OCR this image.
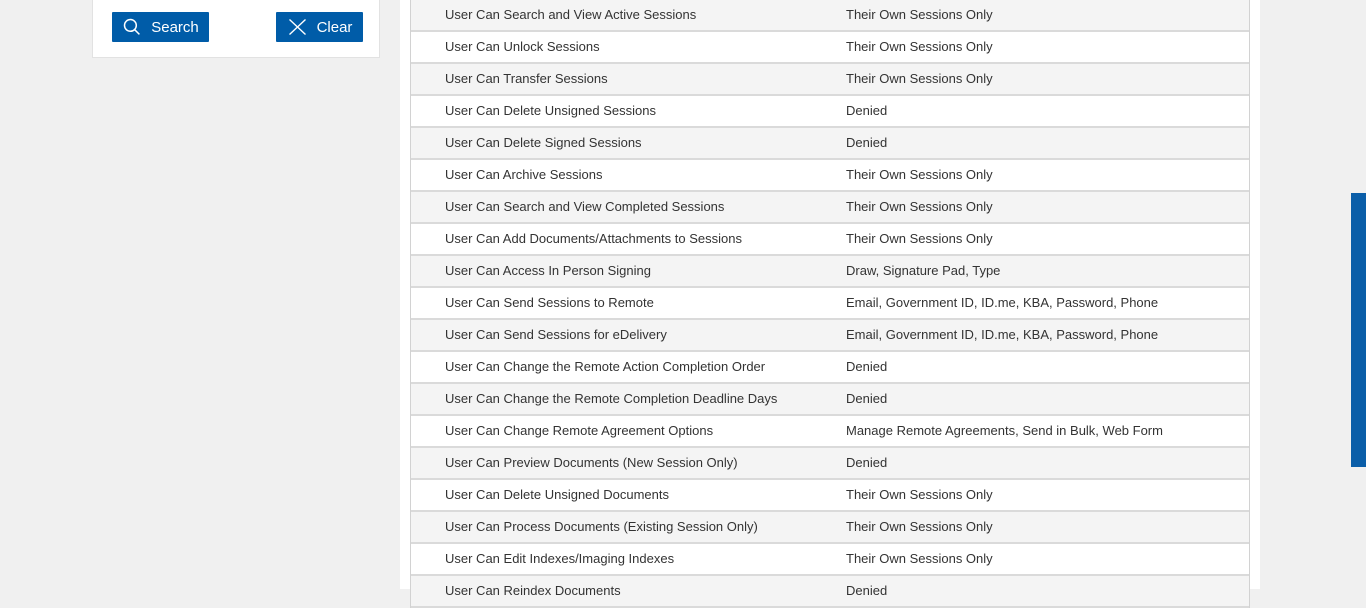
Search	Clear
User Can Search and View Active Sessions	Their Own Sessions Only
User Can Unlock Sessions	Their Own Sessions Only
User Can Transfer Sessions	Their Own Sessions Only
User Can Delete Unsigned Sessions	Denied
User Can Delete Signed Sessions	Denied
User Can Archive Sessions	Their Own Sessions Only
User Can Search and View Completed Sessions	Their Own Sessions Only
User Can Add Documents/Attachments to Sessions	Their Own Sessions Only
User Can Access In Person Signing	Draw, Signature Pad, Type
User Can Send Sessions to Remote	Email, Government ID, ID.me, KBA, Password, Phone
User Can Send Sessions for eDelivery	Email, Government ID, ID.me, KBA, Password, Phone
User Can Change the Remote Action Completion Order	Denied
User Can Change the Remote Completion Deadline Days	Denied
User Can Change Remote Agreement Options	Manage Remote Agreements, Send in Bulk, Web Form
User Can Preview Documents (New Session Only)	Denied
User Can Delete Unsigned Documents	Their Own Sessions Only
User Can Process Documents (Existing Session Only)	Their Own Sessions Only
User Can Edit Indexes/Imaging Indexes	Their Own Sessions Only
User Can Reindex Documents	Denied
